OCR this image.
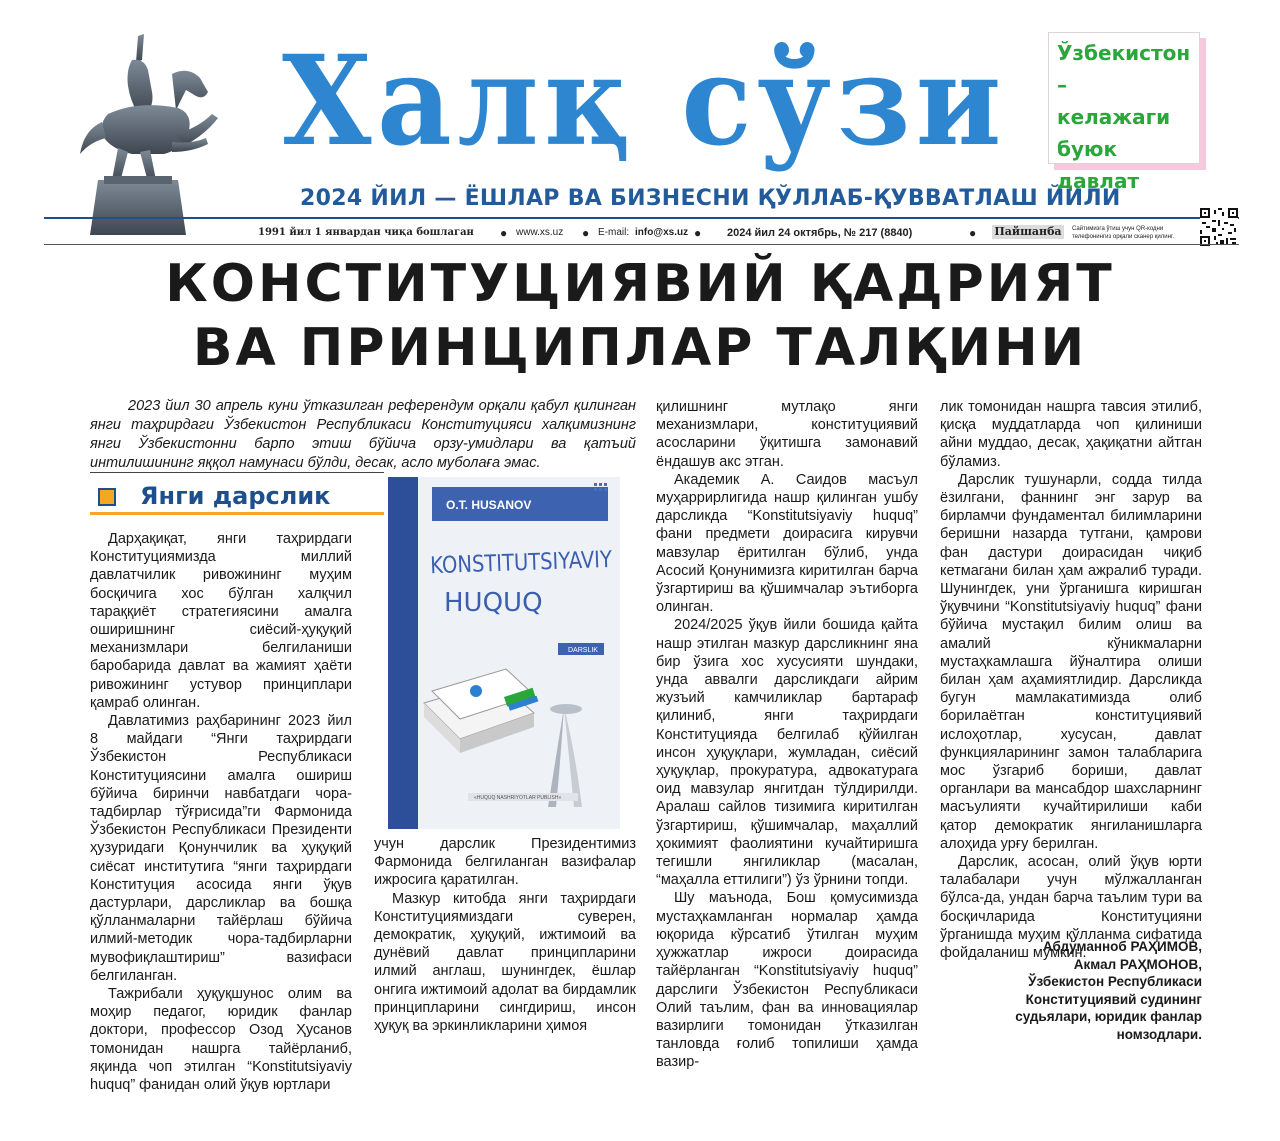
Халқ сўзи	Ўзбекистон –
келажаги
буюк
давлат
2024 ЙИЛ — ЁШЛАР ВА БИЗНЕСНИ ҚЎЛЛАБ-ҚУВВАТЛАШ ЙИЛИ
1991 йил 1 январдан чиқа бошлаган ● www.xs.uz ● E-mail: info@xs.uz ● 2024 йил 24 октябрь, № 217 (8840)	● Пайшанба	Сайтимизга ўтиш учун QR-кодни телефонингиз орқали сканер қилинг.
КОНСТИТУЦИЯВИЙ ҚАДРИЯТ
ВА ПРИНЦИПЛАР ТАЛҚИНИ
2023 йил 30 апрель куни ўтказилган референдум орқали қабул қилинган янги таҳрирдаги Ўзбекистон Республикаси Конституцияси халқимизнинг янги Ўзбекистонни барпо этиш бўйича орзу-умидлари ва қатъий интилишининг яққол намунаси бўлди, десак, асло муболаға эмас.
Янги дарслик	O.T. HUSANOV
KONSTITUTSIYAVIY
HUQUQ
DARSLIK
«HUQUQ NASHRIYOTLAR PUBLISH»

Дарҳақиқат, янги таҳрирдаги Конституциямизда миллий давлатчилик ривожининг муҳим босқичига хос бўлган халқчил тараққиёт стратегиясини амалга оширишнинг сиёсий-ҳуқуқий механизмлари белгиланиши баробарида давлат ва жамият ҳаёти ривожининг устувор принциплари қамраб олинган.

Давлатимиз раҳбарининг 2023 йил 8 майдаги “Янги таҳрирдаги Ўзбекистон Республикаси Конституциясини амалга ошириш бўйича биринчи навбатдаги чора-тадбирлар тўғрисида”ги Фармонида Ўзбекистон Республикаси Президенти ҳузуридаги Қонунчилик ва ҳуқуқий сиёсат институтига “янги таҳрирдаги Конституция асосида янги ўқув дастурлари, дарсликлар ва бошқа қўлланмаларни тайёрлаш бўйича илмий-методик чора-тадбирларни мувофиқлаштириш” вазифаси белгиланган.

Тажрибали ҳуқуқшунос олим ва моҳир педагог, юридик фанлар доктори, профессор Озод Ҳусанов томонидан нашрга тайёрланиб, яқинда чоп этилган “Konstitutsiyaviy huquq” фанидан олий ўқув юртлари

учун дарслик Президентимиз Фармонида белгиланган вазифалар ижросига қаратилган.

Мазкур китобда янги таҳрирдаги Конституциямиздаги суверен, демократик, ҳуқуқий, ижтимоий ва дунёвий давлат принципларини илмий англаш, шунингдек, ёшлар онгига ижтимоий адолат ва бирдамлик принципларини сингдириш, инсон ҳуқуқ ва эркинликларини ҳимоя

қилишнинг мутлақо янги механизмлари, конституциявий асосларини ўқитишга замонавий ёндашув акс этган.

Академик А. Саидов масъул муҳаррирлигида нашр қилинган ушбу дарсликда “Konstitutsiyaviy huquq” фани предмети доирасига кирувчи мавзулар ёритилган бўлиб, унда Асосий Қонунимизга киритилган барча ўзгартириш ва қўшимчалар эътиборга олинган.

2024/2025 ўқув йили бошида қайта нашр этилган мазкур дарсликнинг яна бир ўзига хос хусусияти шундаки, унда аввалги дарсликдаги айрим жузъий камчиликлар бартараф қилиниб, янги таҳрирдаги Конституцияда белгилаб қўйилган инсон ҳуқуқлари, жумладан, сиёсий ҳуқуқлар, прокуратура, адвокатурага оид мавзулар янгитдан тўлдирилди. Аралаш сайлов тизимига киритилган ўзгартириш, қўшимчалар, маҳаллий ҳокимият фаолиятини кучайтиришга тегишли янгиликлар (масалан, “маҳалла еттилиги”) ўз ўрнини топди.

Шу маънода, Бош қомусимизда мустаҳкамланган нормалар ҳамда юқорида кўрсатиб ўтилган муҳим ҳужжатлар ижроси доирасида тайёрланган “Konstitutsiyaviy huquq” дарслиги Ўзбекистон Республикаси Олий таълим, фан ва инновациялар вазирлиги томонидан ўтказилган танловда ғолиб топилиши ҳамда вазир-

лик томонидан нашрга тавсия этилиб, қисқа муддатларда чоп қилиниши айни муддао, десак, ҳақиқатни айтган бўламиз.

Дарслик тушунарли, содда тилда ёзилгани, фаннинг энг зарур ва бирламчи фундаментал билимларини беришни назарда тутгани, қамрови фан дастури доирасидан чиқиб кетмагани билан ҳам ажралиб туради. Шунингдек, уни ўрганишга киришган ўқувчини “Konstitutsiyaviy huquq” фани бўйича мустақил билим олиш ва амалий кўникмаларни мустаҳкамлашга йўналтира олиши билан ҳам аҳамиятлидир. Дарсликда бугун мамлакатимизда олиб борилаётган конституциявий ислоҳотлар, хусусан, давлат функцияларининг замон талабларига мос ўзгариб бориши, давлат органлари ва мансабдор шахсларнинг масъулияти кучайтирилиши каби қатор демократик янгиланишларга алоҳида урғу берилган.

Дарслик, асосан, олий ўқув юрти талабалари учун мўлжалланган бўлса-да, ундан барча таълим тури ва босқичларида Конституцияни ўрганишда муҳим қўлланма сифатида фойдаланиш мумкин.

Абдуманноб РАҲИМОВ,
Акмал РАҲМОНОВ,
Ўзбекистон Республикаси
Конституциявий судининг
судьялари, юридик фанлар
номзодлари.
